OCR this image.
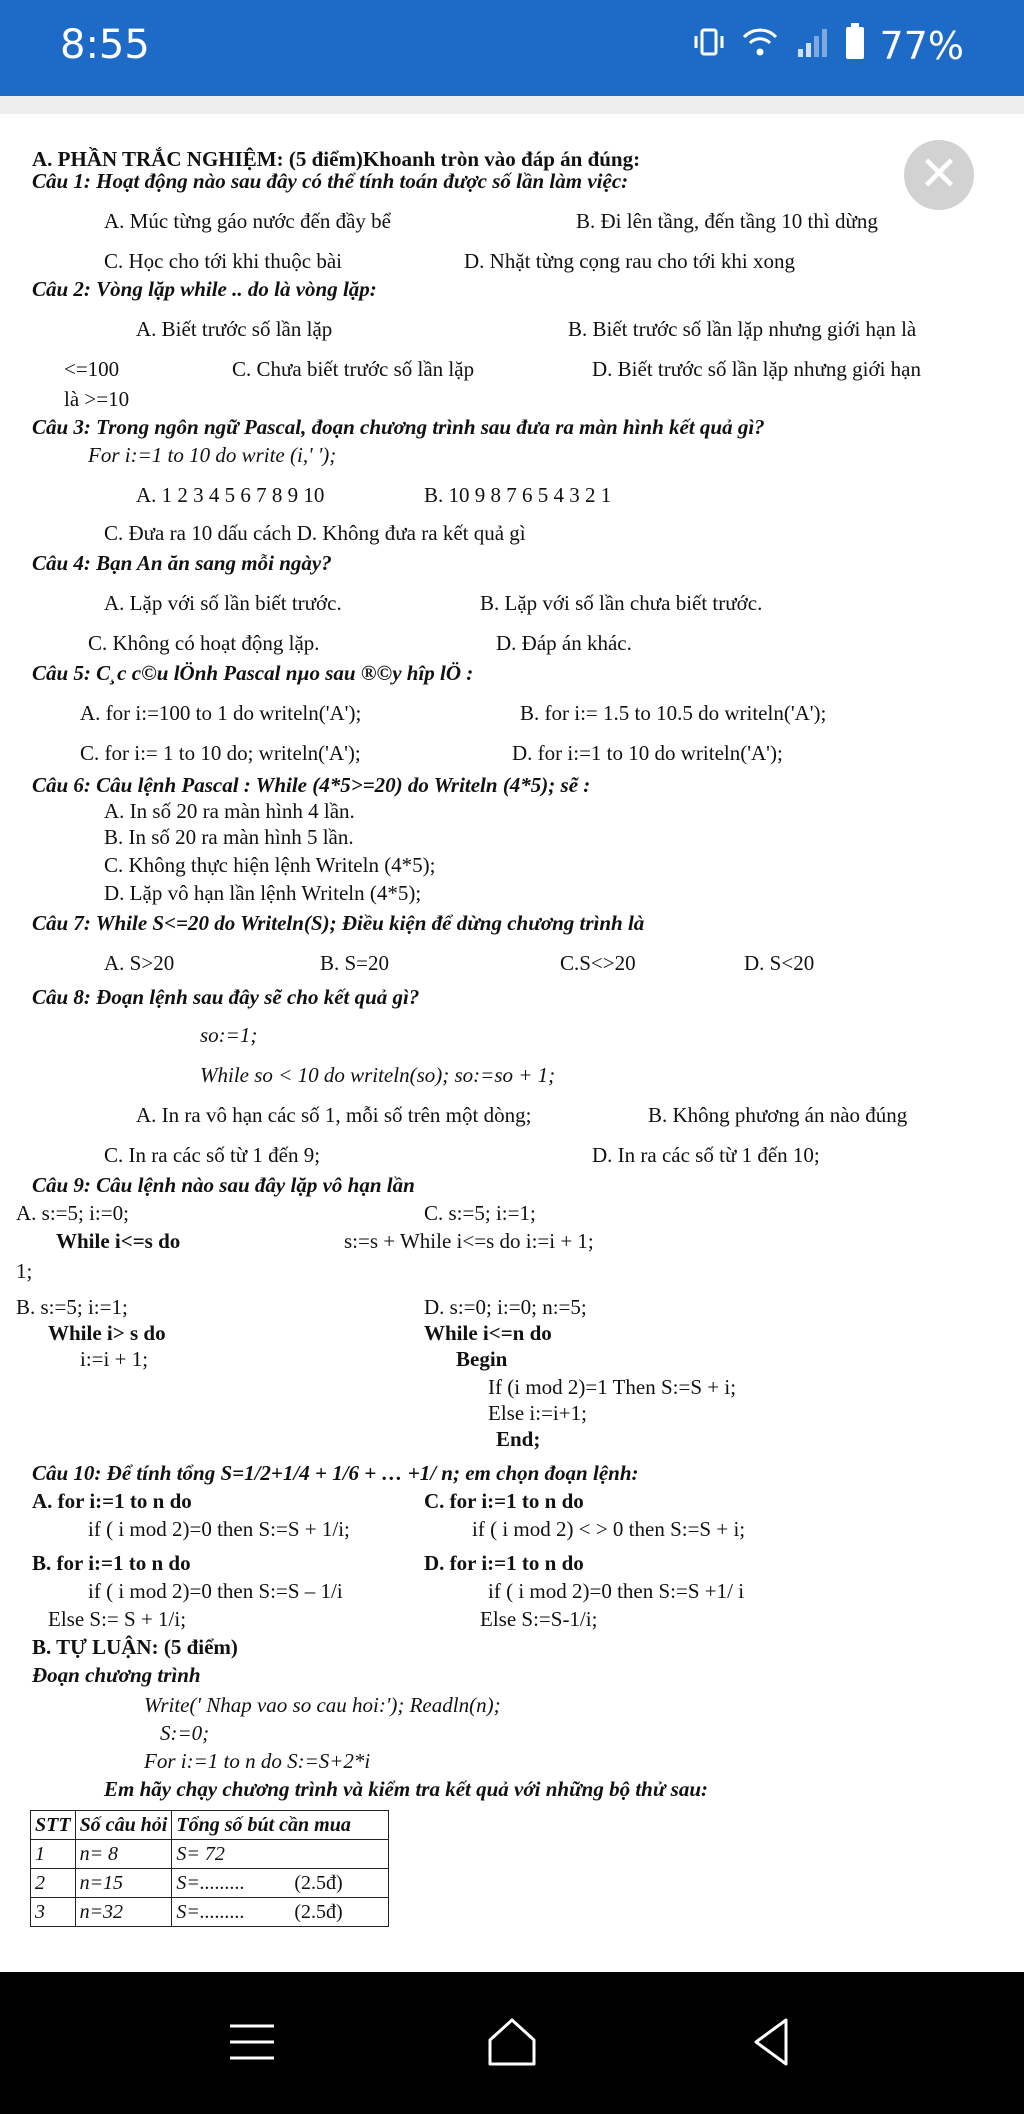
8:55	77%
A. PHẦN TRẮC NGHIỆM: (5 điểm)Khoanh tròn vào đáp án đúng:
Câu 1: Hoạt động nào sau đây có thể tính toán được số lần làm việc:
A. Múc từng gáo nước đến đầy bể	B. Đi lên tầng, đến tầng 10 thì dừng
C. Học cho tới khi thuộc bài	D. Nhặt từng cọng rau cho tới khi xong
Câu 2: Vòng lặp while .. do là vòng lặp:
A. Biết trước số lần lặp	B. Biết trước số lần lặp nhưng giới hạn là
<=100	C. Chưa biết trước số lần lặp	D. Biết trước số lần lặp nhưng giới hạn
là >=10
Câu 3: Trong ngôn ngữ Pascal, đoạn chương trình sau đưa ra màn hình kết quả gì?
For i:=1 to 10 do write (i,' ');
A. 1 2 3 4 5 6 7 8 9 10	B. 10 9 8 7 6 5 4 3 2 1
C. Đưa ra 10 dấu cách D. Không đưa ra kết quả gì
Câu 4: Bạn An ăn sang mỗi ngày?
A. Lặp với số lần biết trước.	B. Lặp với số lần chưa biết trước.
C. Không có hoạt động lặp.	D. Đáp án khác.
Câu 5: C¸c c©u lÖnh Pascal nµo sau ®©y hîp lÖ :
A. for i:=100 to 1 do writeln('A');	B. for i:= 1.5 to 10.5 do writeln('A');
C. for i:= 1 to 10 do; writeln('A');	D. for i:=1 to 10 do writeln('A');
Câu 6: Câu lệnh Pascal : While (4*5>=20) do Writeln (4*5); sẽ :
A. In số 20 ra màn hình 4 lần.
B. In số 20 ra màn hình 5 lần.
C. Không thực hiện lệnh Writeln (4*5);
D. Lặp vô hạn lần lệnh Writeln (4*5);
Câu 7: While S<=20 do Writeln(S); Điều kiện để dừng chương trình là
A. S>20	B. S=20	C.S<>20	D. S<20
Câu 8: Đoạn lệnh sau đây sẽ cho kết quả gì?
so:=1;
While so < 10 do writeln(so); so:=so + 1;
A. In ra vô hạn các số 1, mỗi số trên một dòng;	B. Không phương án nào đúng
C. In ra các số từ 1 đến 9;	D. In ra các số từ 1 đến 10;
Câu 9: Câu lệnh nào sau đây lặp vô hạn lần
A. s:=5; i:=0;	C. s:=5; i:=1;
While i<=s do	s:=s + While i<=s do i:=i + 1;
1;
B. s:=5; i:=1;	D. s:=0; i:=0; n:=5;
While i> s do	While i<=n do
i:=i + 1;	Begin
If (i mod 2)=1 Then S:=S + i;
Else i:=i+1;
End;
Câu 10: Để tính tổng S=1/2+1/4 + 1/6 + … +1/ n; em chọn đoạn lệnh:
A. for i:=1 to n do	C. for i:=1 to n do
if ( i mod 2)=0 then S:=S + 1/i;	if ( i mod 2) < > 0 then S:=S + i;
B. for i:=1 to n do	D. for i:=1 to n do
if ( i mod 2)=0 then S:=S – 1/i	if ( i mod 2)=0 then S:=S +1/ i
Else S:= S + 1/i;	Else S:=S-1/i;
B. TỰ LUẬN: (5 điểm)
Đoạn chương trình
Write(' Nhap vao so cau hoi:'); Readln(n);
S:=0;
For i:=1 to n do S:=S+2*i
Em hãy chạy chương trình và kiểm tra kết quả với những bộ thử sau:
STT	Số câu hỏi	Tổng số bút cần mua	
1	n= 8	S= 72	
2	n=15	S=.........	(2.5đ)
3	n=32	S=.........	(2.5đ)
✕
